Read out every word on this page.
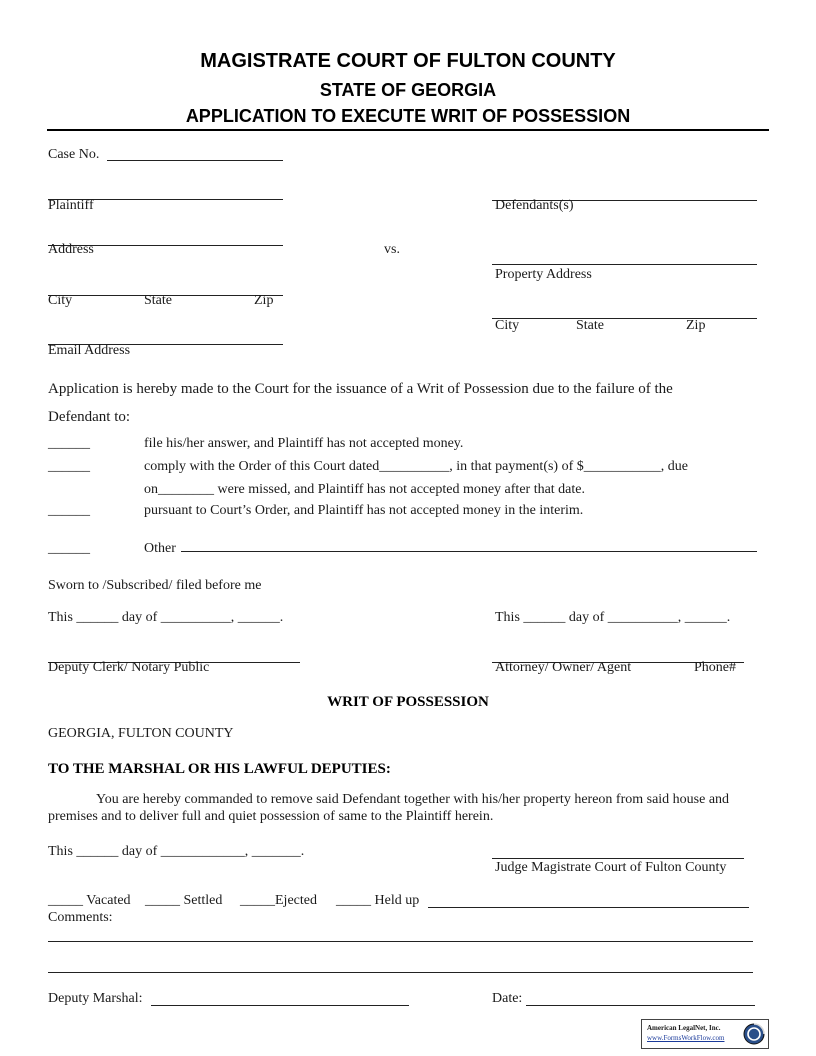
MAGISTRATE COURT OF FULTON COUNTY
STATE OF GEORGIA
APPLICATION TO EXECUTE WRIT OF POSSESSION
Case No.
Plaintiff
Address	vs.
City	State	Zip
Email Address
Defendants(s)
Property Address
City	State	Zip
Application is hereby made to the Court for the issuance of a Writ of Possession due to the failure of the
Defendant to:
______	file his/her answer, and Plaintiff has not accepted money.
______	comply with the Order of this Court dated__________, in that payment(s) of $___________, due
on________ were missed, and Plaintiff has not accepted money after that date.
______	pursuant to Court’s Order, and Plaintiff has not accepted money in the interim.
______	Other
Sworn to /Subscribed/ filed before me
This ______ day of __________, ______.	This ______ day of __________, ______.
Deputy Clerk/ Notary Public	Attorney/ Owner/ Agent	Phone#
WRIT OF POSSESSION
GEORGIA, FULTON COUNTY
TO THE MARSHAL OR HIS LAWFUL DEPUTIES:
You are hereby commanded to remove said Defendant together with his/her property hereon from said house and
premises and to deliver full and quiet possession of same to the Plaintiff herein.
This ______ day of ____________, _______.
Judge Magistrate Court of Fulton County
_____ Vacated _____ Settled _____Ejected _____ Held up
Comments:
Deputy Marshal:	Date:
American LegalNet, Inc.
www.FormsWorkFlow.com
